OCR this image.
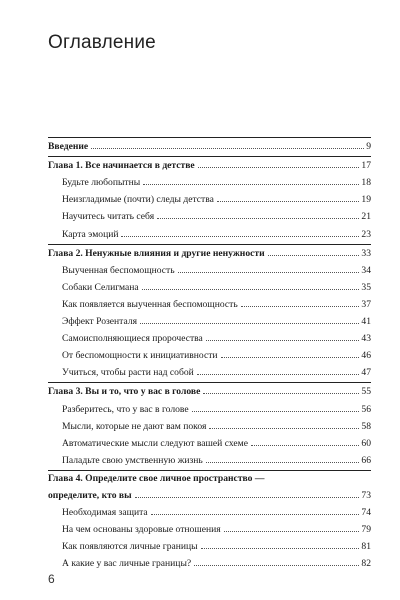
Оглавление
Введение	9
Глава 1. Все начинается в детстве	17
Будьте любопытны	18
Неизгладимые (почти) следы детства	19
Научитесь читать себя	21
Карта эмоций	23
Глава 2. Ненужные влияния и другие ненужности	33
Выученная беспомощность	34
Собаки Селигмана	35
Как появляется выученная беспомощность	37
Эффект Розенталя	41
Самоисполняющиеся пророчества	43
От беспомощности к инициативности	46
Учиться, чтобы расти над собой	47
Глава 3. Вы и то, что у вас в голове	55
Разберитесь, что у вас в голове	56
Мысли, которые не дают вам покоя	58
Автоматические мысли следуют вашей схеме	60
Паладьте свою умственную жизнь	66
Глава 4. Определите свое личное пространство —
определите, кто вы	73
Необходимая защита	74
На чем основаны здоровые отношения	79
Как появляются личные границы	81
А какие у вас личные границы?	82
6
